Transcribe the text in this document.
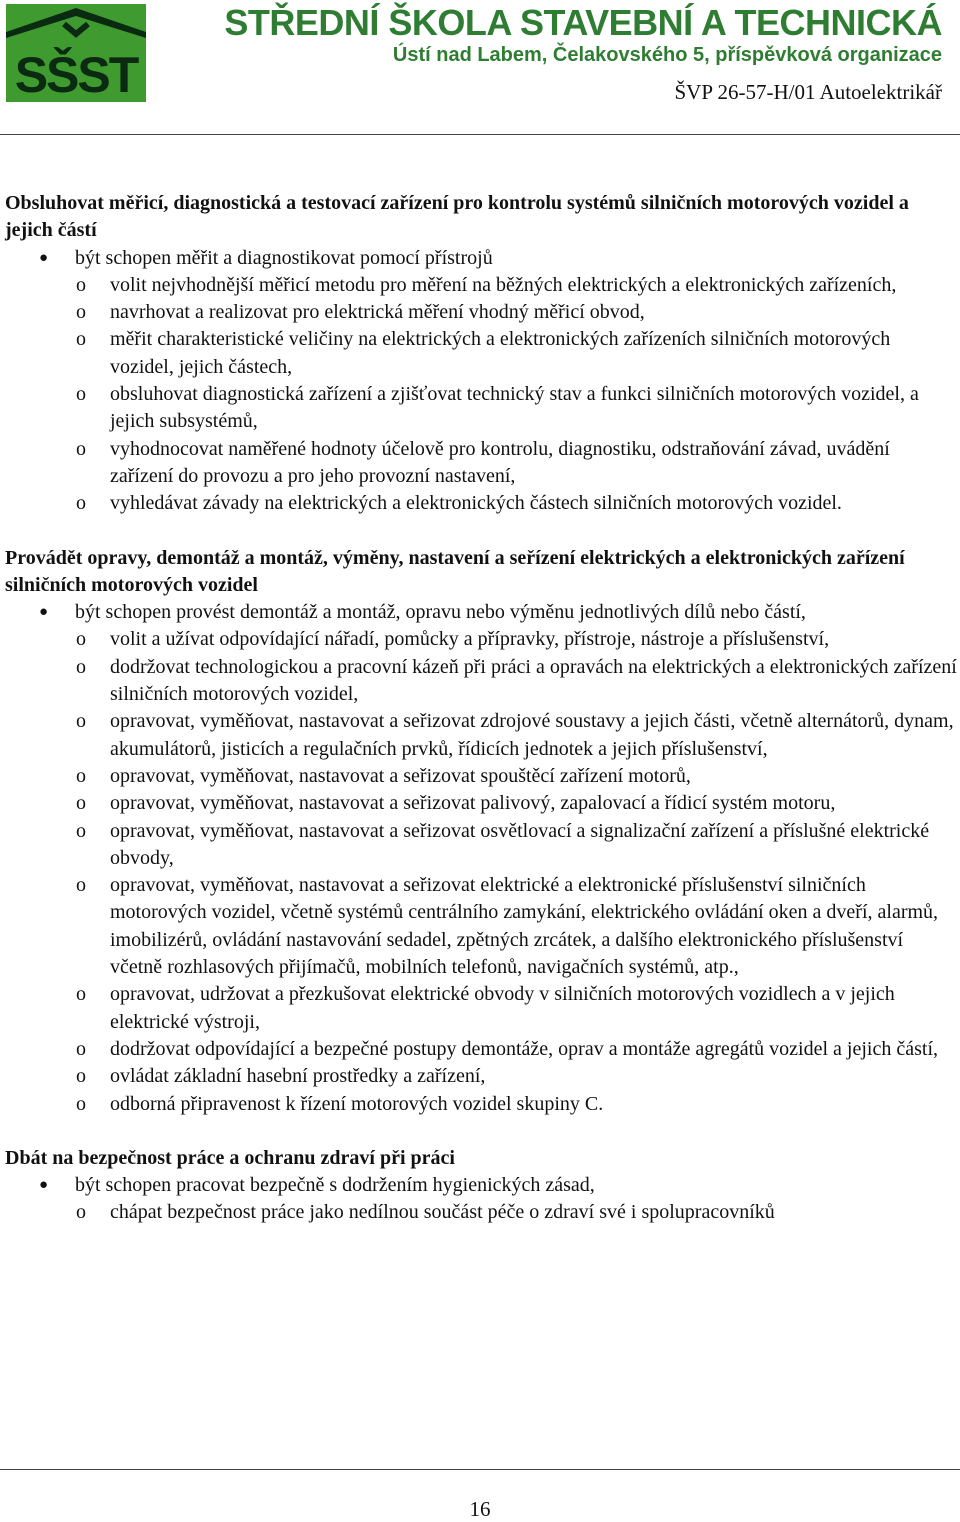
SŠST
STŘEDNÍ ŠKOLA STAVEBNÍ A TECHNICKÁ
Ústí nad Labem, Čelakovského 5, příspěvková organizace
ŠVP 26-57-H/01 Autoelektrikář

Obsluhovat měřicí, diagnostická a testovací zařízení pro kontrolu systémů silničních motorových vozidel a jejich částí

● být schopen měřit a diagnostikovat pomocí přístrojů
o volit nejvhodnější měřicí metodu pro měření na běžných elektrických a elektronických zařízeních,
o navrhovat a realizovat pro elektrická měření vhodný měřicí obvod,
o měřit charakteristické veličiny na elektrických a elektronických zařízeních silničních motorových vozidel, jejich částech,
o obsluhovat diagnostická zařízení a zjišťovat technický stav a funkci silničních motorových vozidel, a jejich subsystémů,
o vyhodnocovat naměřené hodnoty účelově pro kontrolu, diagnostiku, odstraňování závad, uvádění zařízení do provozu a pro jeho provozní nastavení,
o vyhledávat závady na elektrických a elektronických částech silničních motorových vozidel.

Provádět opravy, demontáž a montáž, výměny, nastavení a seřízení elektrických a elektronických zařízení silničních motorových vozidel

● být schopen provést demontáž a montáž, opravu nebo výměnu jednotlivých dílů nebo částí,
o volit a užívat odpovídající nářadí, pomůcky a přípravky, přístroje, nástroje a příslušenství,
o dodržovat technologickou a pracovní kázeň při práci a opravách na elektrických a elektronických zařízení silničních motorových vozidel,
o opravovat, vyměňovat, nastavovat a seřizovat zdrojové soustavy a jejich části, včetně alternátorů, dynam, akumulátorů, jisticích a regulačních prvků, řídicích jednotek a jejich příslušenství,
o opravovat, vyměňovat, nastavovat a seřizovat spouštěcí zařízení motorů,
o opravovat, vyměňovat, nastavovat a seřizovat palivový, zapalovací a řídicí systém motoru,
o opravovat, vyměňovat, nastavovat a seřizovat osvětlovací a signalizační zařízení a příslušné elektrické obvody,
o opravovat, vyměňovat, nastavovat a seřizovat elektrické a elektronické příslušenství silničních motorových vozidel, včetně systémů centrálního zamykání, elektrického ovládání oken a dveří, alarmů, imobilizérů, ovládání nastavování sedadel, zpětných zrcátek, a dalšího elektronického příslušenství včetně rozhlasových přijímačů, mobilních telefonů, navigačních systémů, atp.,
o opravovat, udržovat a přezkušovat elektrické obvody v silničních motorových vozidlech a v jejich elektrické výstroji,
o dodržovat odpovídající a bezpečné postupy demontáže, oprav a montáže agregátů vozidel a jejich částí,
o ovládat základní hasební prostředky a zařízení,
o odborná připravenost k řízení motorových vozidel skupiny C.

Dbát na bezpečnost práce a ochranu zdraví při práci

● být schopen pracovat bezpečně s dodržením hygienických zásad,
o chápat bezpečnost práce jako nedílnou součást péče o zdraví své i spolupracovníků
16
